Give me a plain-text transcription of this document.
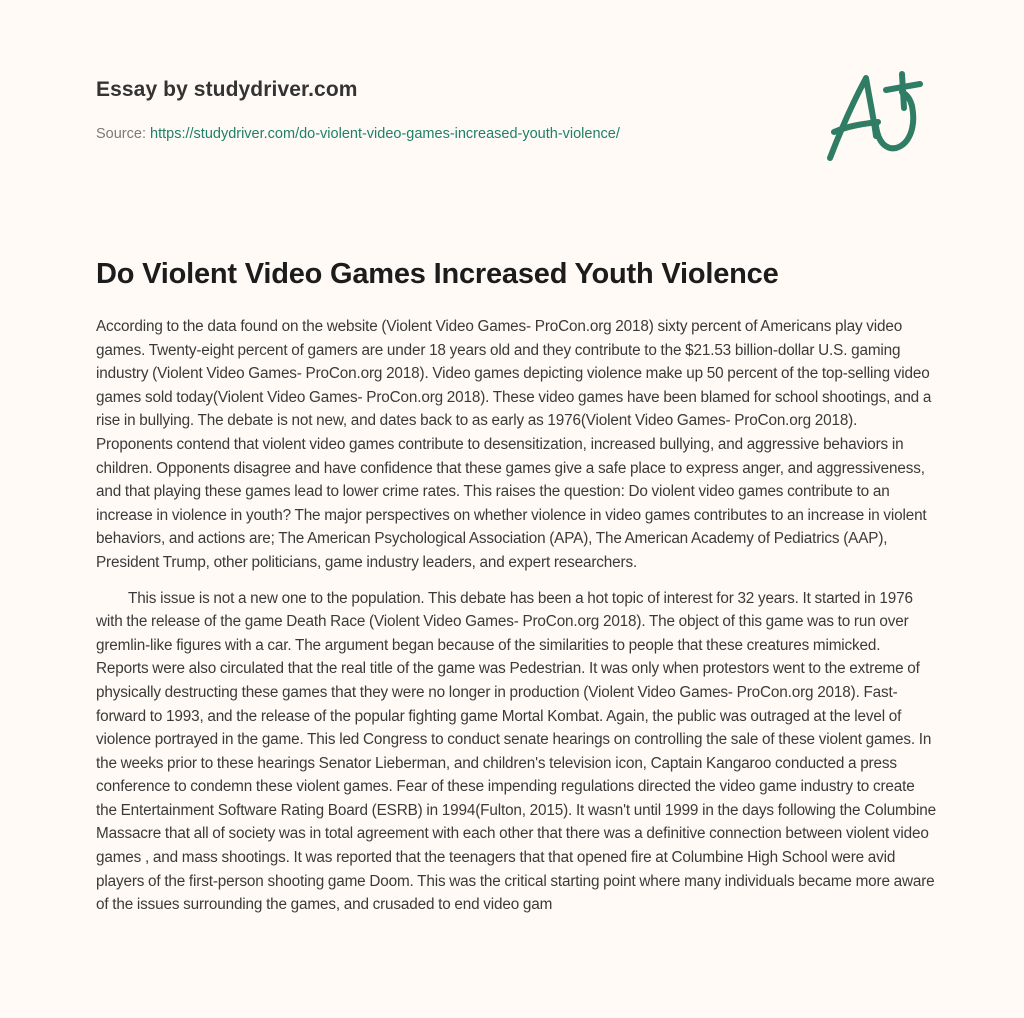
Essay by studydriver.com
Source: https://studydriver.com/do-violent-video-games-increased-youth-violence/
Do Violent Video Games Increased Youth Violence

According to the data found on the website (Violent Video Games- ProCon.org 2018) sixty percent of Americans play video games. Twenty-eight percent of gamers are under 18 years old and they contribute to the $21.53 billion-dollar U.S. gaming industry (Violent Video Games- ProCon.org 2018). Video games depicting violence make up 50 percent of the top-selling video games sold today(Violent Video Games- ProCon.org 2018). These video games have been blamed for school shootings, and a rise in bullying. The debate is not new, and dates back to as early as 1976(Violent Video Games- ProCon.org 2018). Proponents contend that violent video games contribute to desensitization, increased bullying, and aggressive behaviors in children. Opponents disagree and have confidence that these games give a safe place to express anger, and aggressiveness, and that playing these games lead to lower crime rates. This raises the question: Do violent video games contribute to an increase in violence in youth? The major perspectives on whether violence in video games contributes to an increase in violent behaviors, and actions are; The American Psychological Association (APA), The American Academy of Pediatrics (AAP), President Trump, other politicians, game industry leaders, and expert researchers.

This issue is not a new one to the population. This debate has been a hot topic of interest for 32 years. It started in 1976 with the release of the game Death Race (Violent Video Games- ProCon.org 2018). The object of this game was to run over gremlin-like figures with a car. The argument began because of the similarities to people that these creatures mimicked. Reports were also circulated that the real title of the game was Pedestrian. It was only when protestors went to the extreme of physically destructing these games that they were no longer in production (Violent Video Games- ProCon.org 2018). Fast- forward to 1993, and the release of the popular fighting game Mortal Kombat. Again, the public was outraged at the level of violence portrayed in the game. This led Congress to conduct senate hearings on controlling the sale of these violent games. In the weeks prior to these hearings Senator Lieberman, and children's television icon, Captain Kangaroo conducted a press conference to condemn these violent games. Fear of these impending regulations directed the video game industry to create the Entertainment Software Rating Board (ESRB) in 1994(Fulton, 2015). It wasn't until 1999 in the days following the Columbine Massacre that all of society was in total agreement with each other that there was a definitive connection between violent video games , and mass shootings. It was reported that the teenagers that that opened fire at Columbine High School were avid players of the first-person shooting game Doom. This was the critical starting point where many individuals became more aware of the issues surrounding the games, and crusaded to end video gam
